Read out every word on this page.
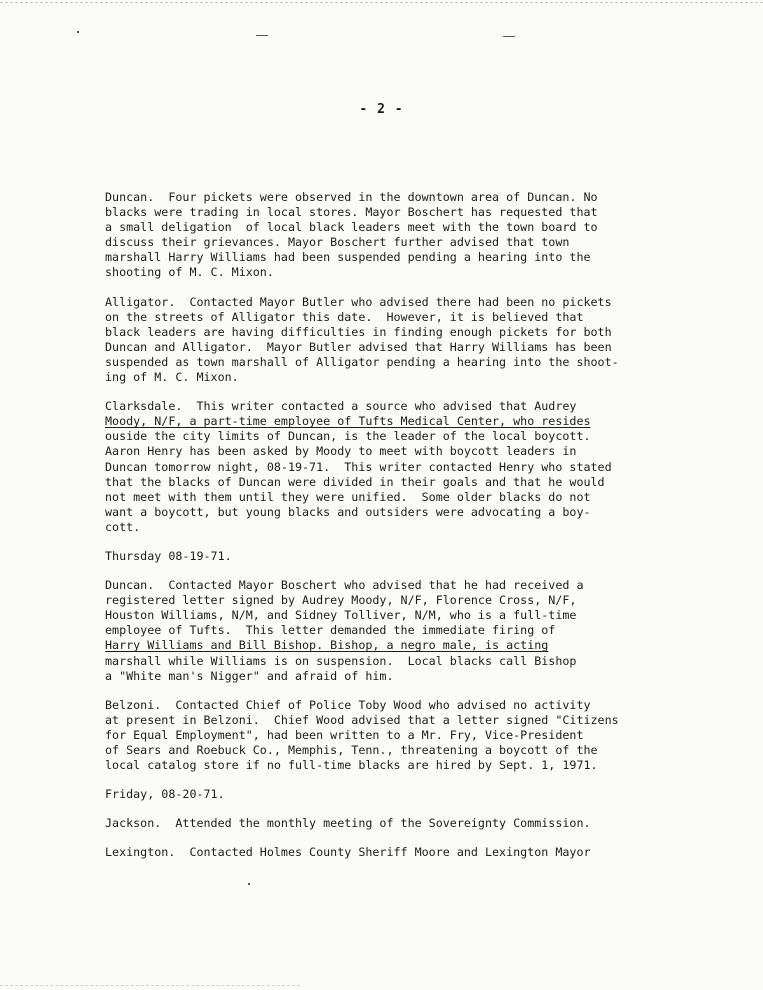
- 2 -
Duncan.  Four pickets were observed in the downtown area of Duncan. No
blacks were trading in local stores. Mayor Boschert has requested that
a small deligation  of local black leaders meet with the town board to
discuss their grievances. Mayor Boschert further advised that town
marshall Harry Williams had been suspended pending a hearing into the
shooting of M. C. Mixon.
Alligator.  Contacted Mayor Butler who advised there had been no pickets
on the streets of Alligator this date.  However, it is believed that
black leaders are having difficulties in finding enough pickets for both
Duncan and Alligator.  Mayor Butler advised that Harry Williams has been
suspended as town marshall of Alligator pending a hearing into the shoot-
ing of M. C. Mixon.
Clarksdale.  This writer contacted a source who advised that Audrey
Moody, N/F, a part-time employee of Tufts Medical Center, who resides
ouside the city limits of Duncan, is the leader of the local boycott.
Aaron Henry has been asked by Moody to meet with boycott leaders in
Duncan tomorrow night, 08-19-71.  This writer contacted Henry who stated
that the blacks of Duncan were divided in their goals and that he would
not meet with them until they were unified.  Some older blacks do not
want a boycott, but young blacks and outsiders were advocating a boy-
cott.
Thursday 08-19-71.
Duncan.  Contacted Mayor Boschert who advised that he had received a
registered letter signed by Audrey Moody, N/F, Florence Cross, N/F,
Houston Williams, N/M, and Sidney Tolliver, N/M, who is a full-time
employee of Tufts.  This letter demanded the immediate firing of
Harry Williams and Bill Bishop. Bishop, a negro male, is acting
marshall while Williams is on suspension.  Local blacks call Bishop
a "White man's Nigger" and afraid of him.
Belzoni.  Contacted Chief of Police Toby Wood who advised no activity
at present in Belzoni.  Chief Wood advised that a letter signed "Citizens
for Equal Employment", had been written to a Mr. Fry, Vice-President
of Sears and Roebuck Co., Memphis, Tenn., threatening a boycott of the
local catalog store if no full-time blacks are hired by Sept. 1, 1971.
Friday, 08-20-71.
Jackson.  Attended the monthly meeting of the Sovereignty Commission.
Lexington.  Contacted Holmes County Sheriff Moore and Lexington Mayor
